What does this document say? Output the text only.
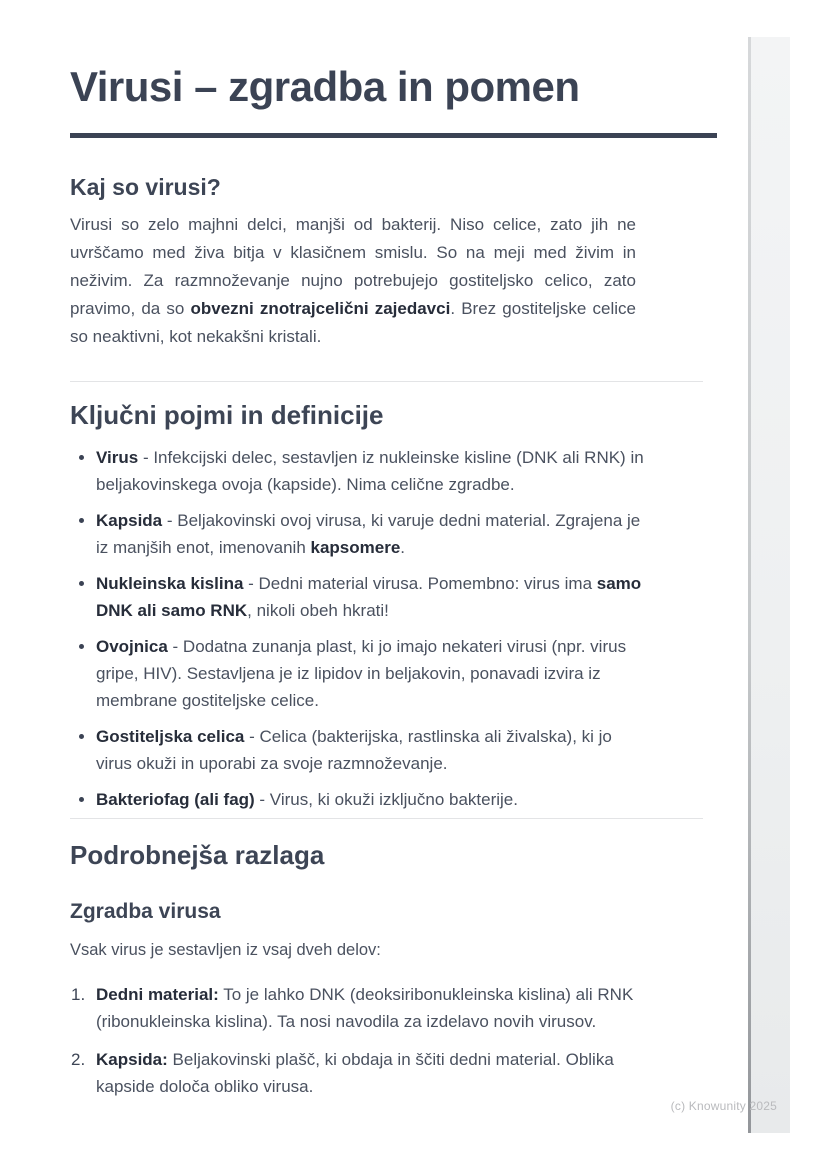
Virusi – zgradba in pomen
Kaj so virusi?

Virusi so zelo majhni delci, manjši od bakterij. Niso celice, zato jih ne uvrščamo med živa bitja v klasičnem smislu. So na meji med živim in neživim. Za razmnoževanje nujno potrebujejo gostiteljsko celico, zato pravimo, da so obvezni znotrajcelični zajedavci. Brez gostiteljske celice so neaktivni, kot nekakšni kristali.

Ključni pojmi in definicije
Virus - Infekcijski delec, sestavljen iz nukleinske kisline (DNK ali RNK) in beljakovinskega ovoja (kapside). Nima celične zgradbe.
Kapsida - Beljakovinski ovoj virusa, ki varuje dedni material. Zgrajena je iz manjših enot, imenovanih kapsomere.
Nukleinska kislina - Dedni material virusa. Pomembno: virus ima samo DNK ali samo RNK, nikoli obeh hkrati!
Ovojnica - Dodatna zunanja plast, ki jo imajo nekateri virusi (npr. virus gripe, HIV). Sestavljena je iz lipidov in beljakovin, ponavadi izvira iz membrane gostiteljske celice.
Gostiteljska celica - Celica (bakterijska, rastlinska ali živalska), ki jo virus okuži in uporabi za svoje razmnoževanje.
Bakteriofag (ali fag) - Virus, ki okuži izključno bakterije.
Podrobnejša razlaga
Zgradba virusa

Vsak virus je sestavljen iz vsaj dveh delov:

1. Dedni material: To je lahko DNK (deoksiribonukleinska kislina) ali RNK (ribonukleinska kislina). Ta nosi navodila za izdelavo novih virusov.
2. Kapsida: Beljakovinski plašč, ki obdaja in ščiti dedni material. Oblika kapside določa obliko virusa.
(c) Knowunity 2025
